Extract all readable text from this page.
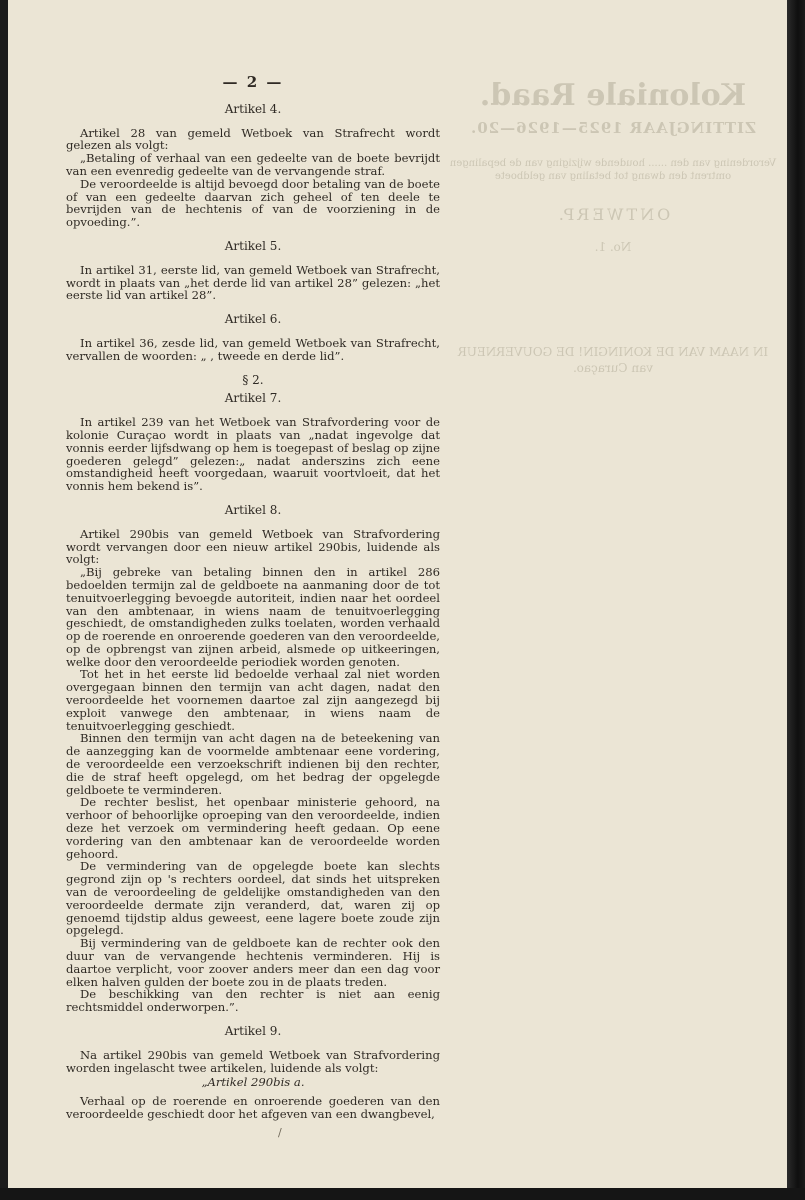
Koloniale Raad.
ZITTINGJAAR 1925—1926—20.
Verordening van den ...... houdende wijziging van de bepalingen omtrent den dwang tot betaling van geldboete
ONTWERP.
No. 1.
IN NAAM VAN DE KONINGIN! DE GOUVERNEUR van Curaçao.
— 2 —
Artikel 4.

Artikel 28 van gemeld Wetboek van Strafrecht wordt gelezen als volgt:

„Betaling of verhaal van een gedeelte van de boete bevrijdt van een evenredig gedeelte van de vervangende straf.

De veroordeelde is altijd bevoegd door betaling van de boete of van een gedeelte daarvan zich geheel of ten deele te bevrijden van de hechtenis of van de voorziening in de opvoeding.”.

Artikel 5.

In artikel 31, eerste lid, van gemeld Wetboek van Strafrecht, wordt in plaats van „het derde lid van artikel 28” gelezen: „het eerste lid van artikel 28”.

Artikel 6.

In artikel 36, zesde lid, van gemeld Wetboek van Strafrecht, vervallen de woorden: „ , tweede en derde lid”.

§ 2.
Artikel 7.

In artikel 239 van het Wetboek van Strafvordering voor de kolonie Curaçao wordt in plaats van „nadat ingevolge dat vonnis eerder lijfsdwang op hem is toegepast of beslag op zijne goederen gelegd” gelezen:„ nadat anderszins zich eene omstandigheid heeft voorgedaan, waaruit voortvloeit, dat het vonnis hem bekend is”.

Artikel 8.

Artikel 290bis van gemeld Wetboek van Strafvordering wordt vervangen door een nieuw artikel 290bis, luidende als volgt:

„Bij gebreke van betaling binnen den in artikel 286 bedoelden termijn zal de geldboete na aanmaning door de tot tenuitvoerlegging bevoegde autoriteit, indien naar het oordeel van den ambtenaar, in wiens naam de tenuitvoerlegging geschiedt, de omstandigheden zulks toelaten, worden verhaald op de roerende en onroerende goederen van den veroordeelde, op de opbrengst van zijnen arbeid, alsmede op uitkeeringen, welke door den veroordeelde periodiek worden genoten.

Tot het in het eerste lid bedoelde verhaal zal niet worden overgegaan binnen den termijn van acht dagen, nadat den veroordeelde het voornemen daartoe zal zijn aangezegd bij exploit vanwege den ambtenaar, in wiens naam de tenuitvoerlegging geschiedt.

Binnen den termijn van acht dagen na de beteekening van de aanzegging kan de voormelde ambtenaar eene vordering, de veroordeelde een verzoekschrift indienen bij den rechter, die de straf heeft opgelegd, om het bedrag der opgelegde geldboete te verminderen.

De rechter beslist, het openbaar ministerie gehoord, na verhoor of behoorlijke oproeping van den veroordeelde, indien deze het verzoek om vermindering heeft gedaan. Op eene vordering van den ambtenaar kan de veroordeelde worden gehoord.

De vermindering van de opgelegde boete kan slechts gegrond zijn op 's rechters oordeel, dat sinds het uitspreken van de veroordeeling de geldelijke omstandigheden van den veroordeelde dermate zijn veranderd, dat, waren zij op genoemd tijdstip aldus geweest, eene lagere boete zoude zijn opgelegd.

Bij vermindering van de geldboete kan de rechter ook den duur van de vervangende hechtenis verminderen. Hij is daartoe verplicht, voor zoover anders meer dan een dag voor elken halven gulden der boete zou in de plaats treden.

De beschikking van den rechter is niet aan eenig rechtsmiddel onderworpen.”.

Artikel 9.

Na artikel 290bis van gemeld Wetboek van Strafvordering worden ingelascht twee artikelen, luidende als volgt:

„Artikel 290bis a.

Verhaal op de roerende en onroerende goederen van den veroordeelde geschiedt door het afgeven van een dwangbevel,

/
